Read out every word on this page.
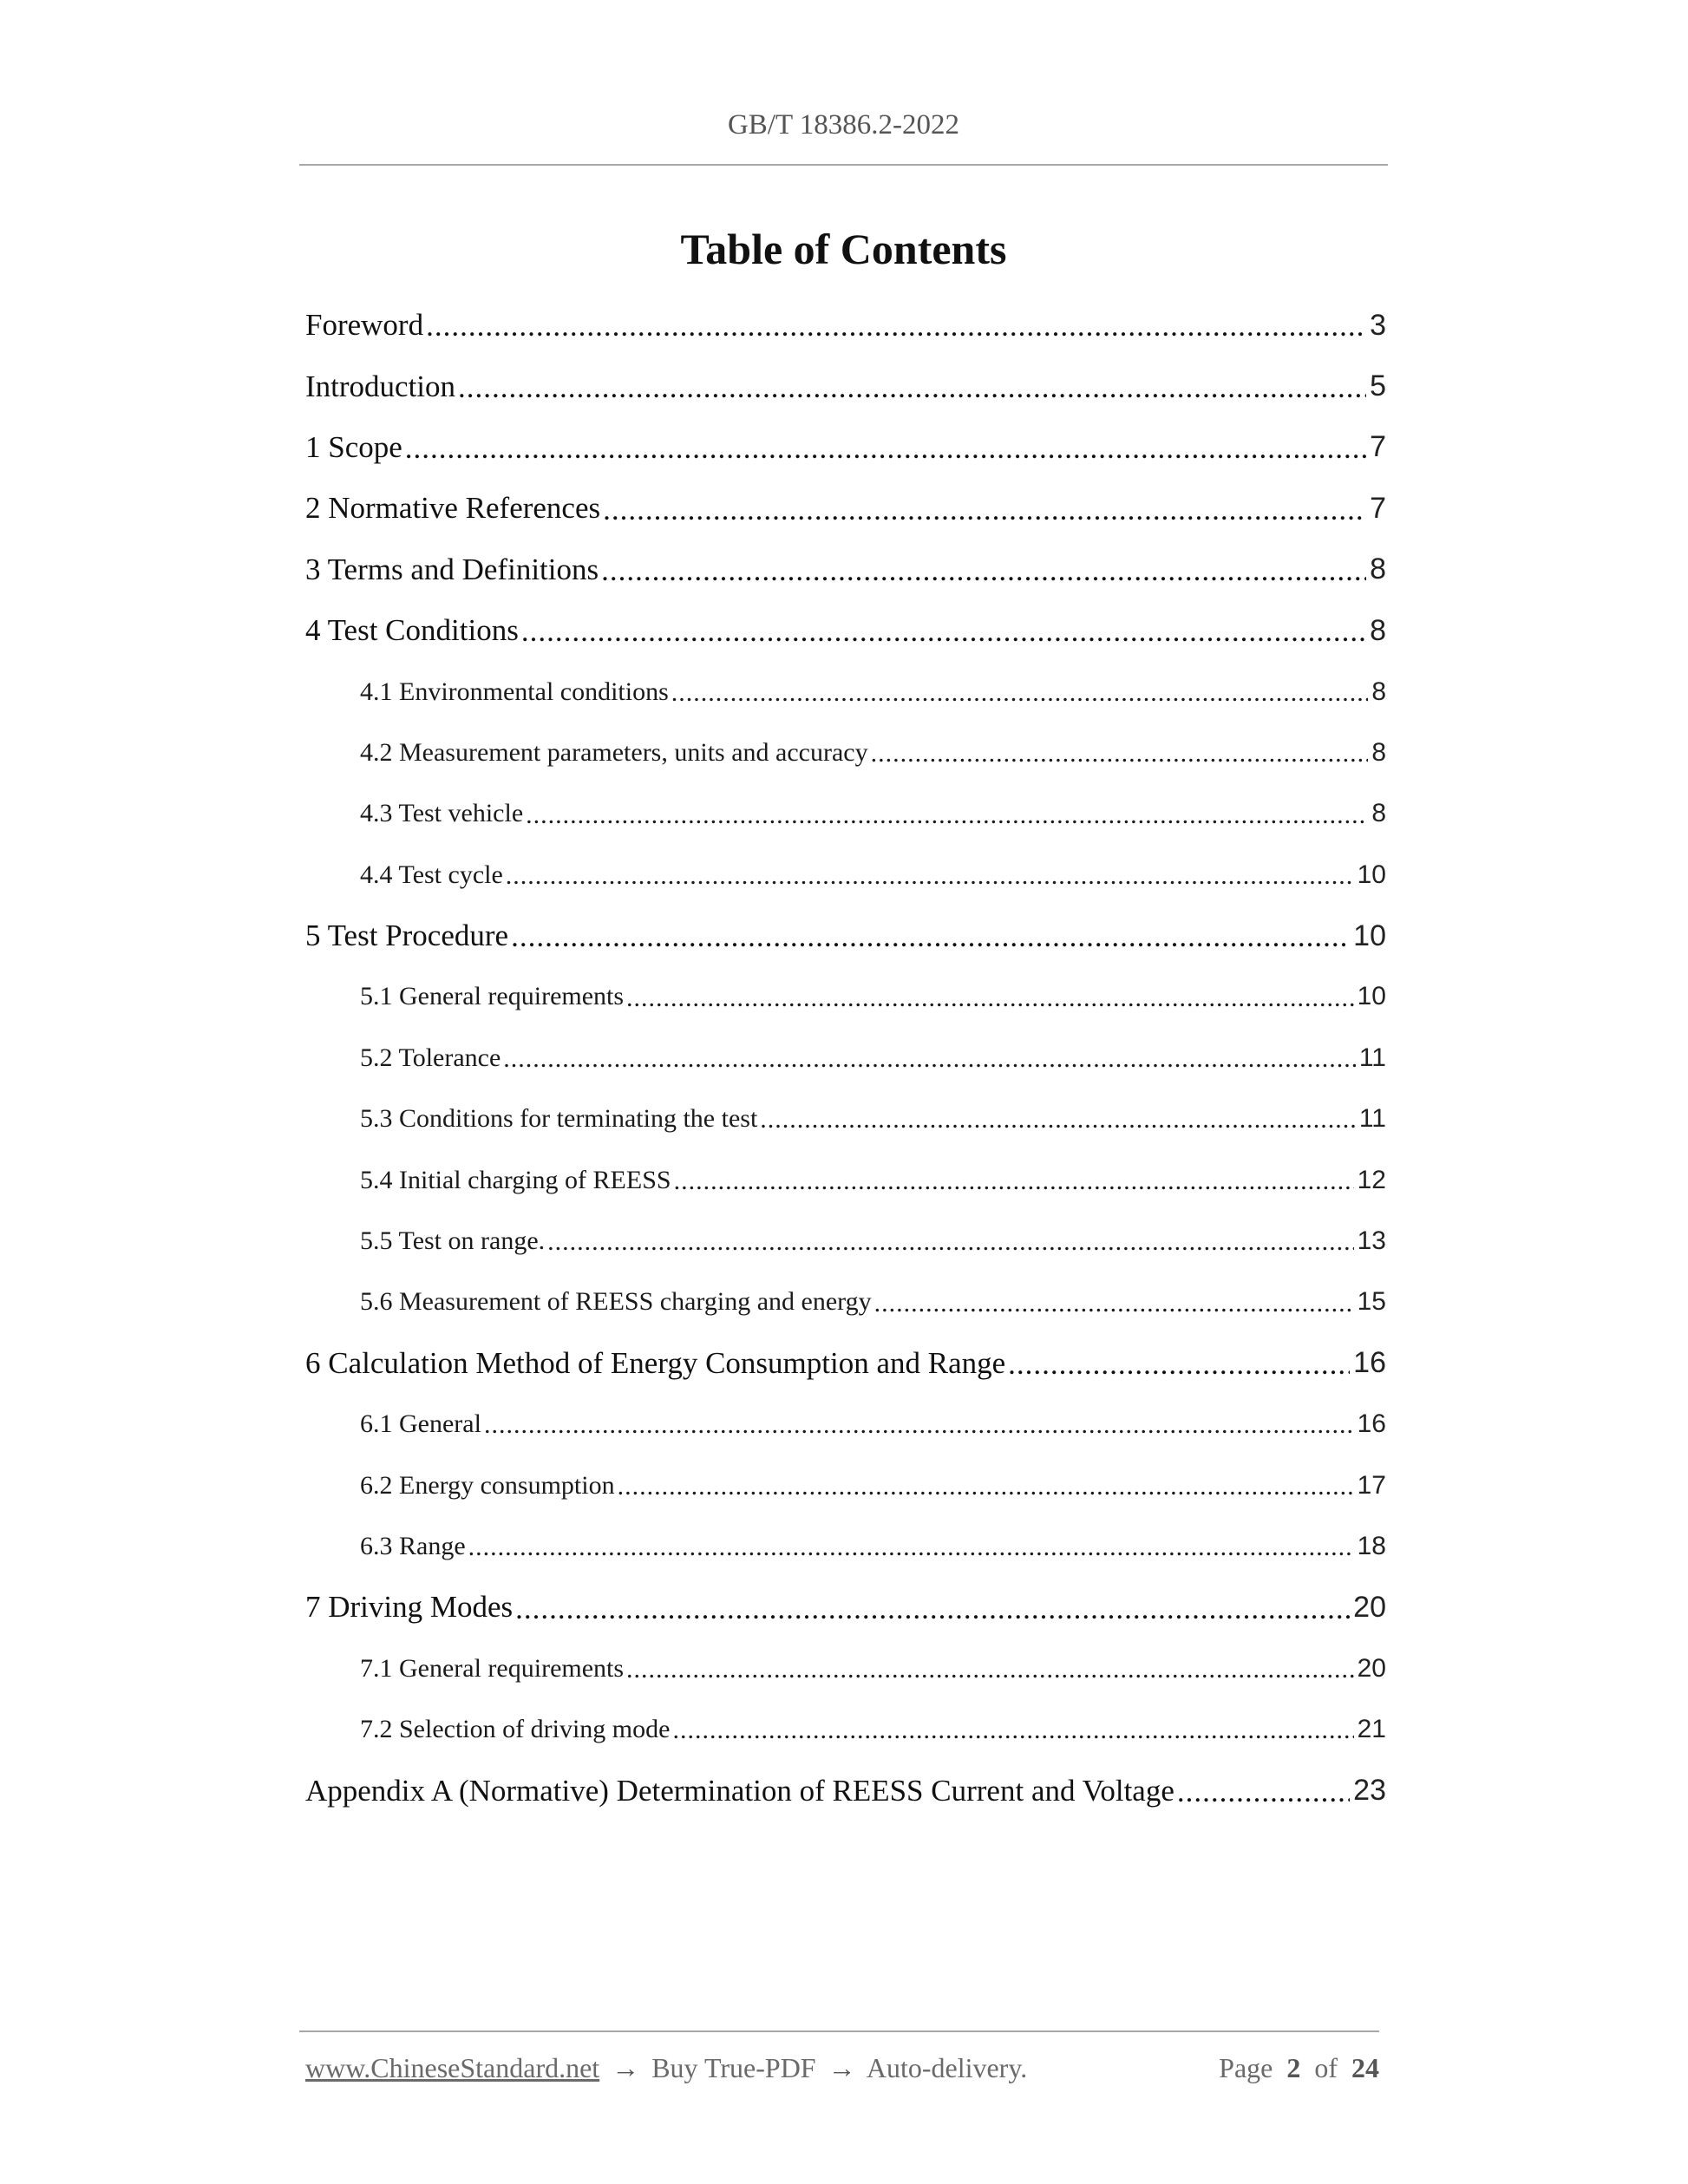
GB/T 18386.2-2022
Table of Contents
Foreword .....	3
Introduction .....	5
1 Scope .....	7
2 Normative References .....	7
3 Terms and Definitions .....	8
4 Test Conditions .....	8
4.1 Environmental conditions .....	8
4.2 Measurement parameters, units and accuracy .....	8
4.3 Test vehicle .....	8
4.4 Test cycle .....	10
5 Test Procedure .....	10
5.1 General requirements .....	10
5.2 Tolerance .....	11
5.3 Conditions for terminating the test .....	11
5.4 Initial charging of REESS .....	12
5.5 Test on range. .....	13
5.6 Measurement of REESS charging and energy .....	15
6 Calculation Method of Energy Consumption and Range .....	16
6.1 General .....	16
6.2 Energy consumption .....	17
6.3 Range .....	18
7 Driving Modes .....	20
7.1 General requirements .....	20
7.2 Selection of driving mode .....	21
Appendix A (Normative) Determination of REESS Current and Voltage .....	23
www.ChineseStandard.net → Buy True-PDF → Auto-delivery.	Page 2 of 24
